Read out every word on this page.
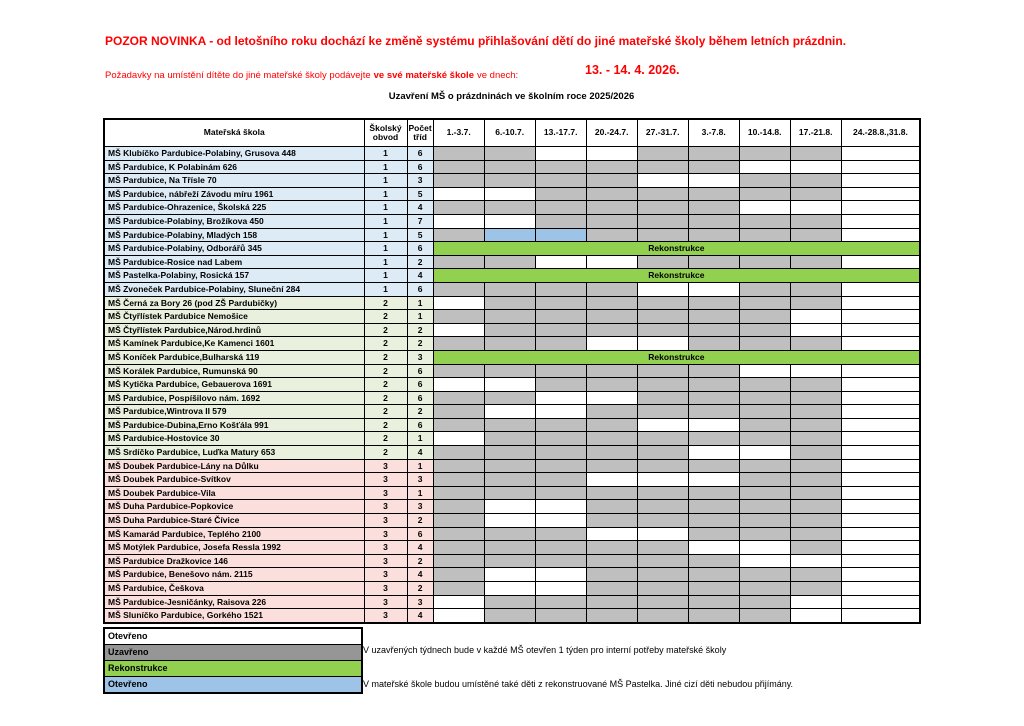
POZOR NOVINKA - od letošního roku dochází ke změně systému přihlašování dětí do jiné mateřské školy během letních prázdnin.
Požadavky na umístění dítěte do jiné mateřské školy podávejte ve své mateřské škole ve dnech:	13. - 14. 4. 2026.
Uzavření MŠ o prázdninách ve školním roce 2025/2026
Mateřská škola	Školský obvod	Počet tříd	1.-3.7.	6.-10.7.	13.-17.7.	20.-24.7.	27.-31.7.	3.-7.8.	10.-14.8.	17.-21.8.	24.-28.8.,31.8.
MŠ Klubíčko Pardubice-Polabiny, Grusova 448	1	6									
MŠ Pardubice, K Polabinám 626	1	6									
MŠ Pardubice, Na Třísle 70	1	3									
MŠ Pardubice, nábřeží Závodu míru 1961	1	5									
MŠ Pardubice-Ohrazenice, Školská 225	1	4									
MŠ Pardubice-Polabiny, Brožíkova 450	1	7									
MŠ Pardubice-Polabiny, Mladých 158	1	5									
MŠ Pardubice-Polabiny, Odborářů 345	1	6	Rekonstrukce								
MŠ Pardubice-Rosice nad Labem	1	2									
MŠ Pastelka-Polabiny, Rosická 157	1	4	Rekonstrukce								
MŠ Zvoneček Pardubice-Polabiny, Sluneční 284	1	6									
MŠ Černá za Bory 26 (pod ZŠ Pardubičky)	2	1									
MŠ Čtyřlístek Pardubice Nemošice	2	1									
MŠ Čtyřlístek Pardubice,Národ.hrdinů	2	2									
MŠ Kamínek Pardubice,Ke Kamenci 1601	2	2									
MŠ Koníček Pardubice,Bulharská 119	2	3	Rekonstrukce								
MŠ Korálek Pardubice, Rumunská 90	2	6									
MŠ Kytička Pardubice, Gebauerova 1691	2	6									
MŠ Pardubice, Pospíšilovo nám. 1692	2	6									
MŠ Pardubice,Wintrova II 579	2	2									
MŠ Pardubice-Dubina,Erno Košťála 991	2	6									
MŠ Pardubice-Hostovice 30	2	1									
MŠ Srdíčko Pardubice, Luďka Matury 653	2	4									
MŠ Doubek Pardubice-Lány na Důlku	3	1									
MŠ Doubek Pardubice-Svítkov	3	3									
MŠ Doubek Pardubice-Vila	3	1									
MŠ Duha Pardubice-Popkovice	3	3									
MŠ Duha Pardubice-Staré Čívice	3	2									
MŠ Kamarád Pardubice, Teplého 2100	3	6									
MŠ Motýlek Pardubice, Josefa Ressla 1992	3	4									
MŠ Pardubice Dražkovice 146	3	2									
MŠ Pardubice, Benešovo nám. 2115	3	4									
MŠ Pardubice, Češkova	3	2									
MŠ Pardubice-Jesničánky, Raisova 226	3	3									
MŠ Sluníčko Pardubice, Gorkého 1521	3	4									
Otevřeno
Uzavřeno
Rekonstrukce
Otevřeno
V uzavřených týdnech bude v každé MŠ otevřen 1 týden pro interní potřeby mateřské školy
V mateřské škole budou umístěné také děti z rekonstruované MŠ Pastelka. Jiné cizí děti nebudou přijímány.
